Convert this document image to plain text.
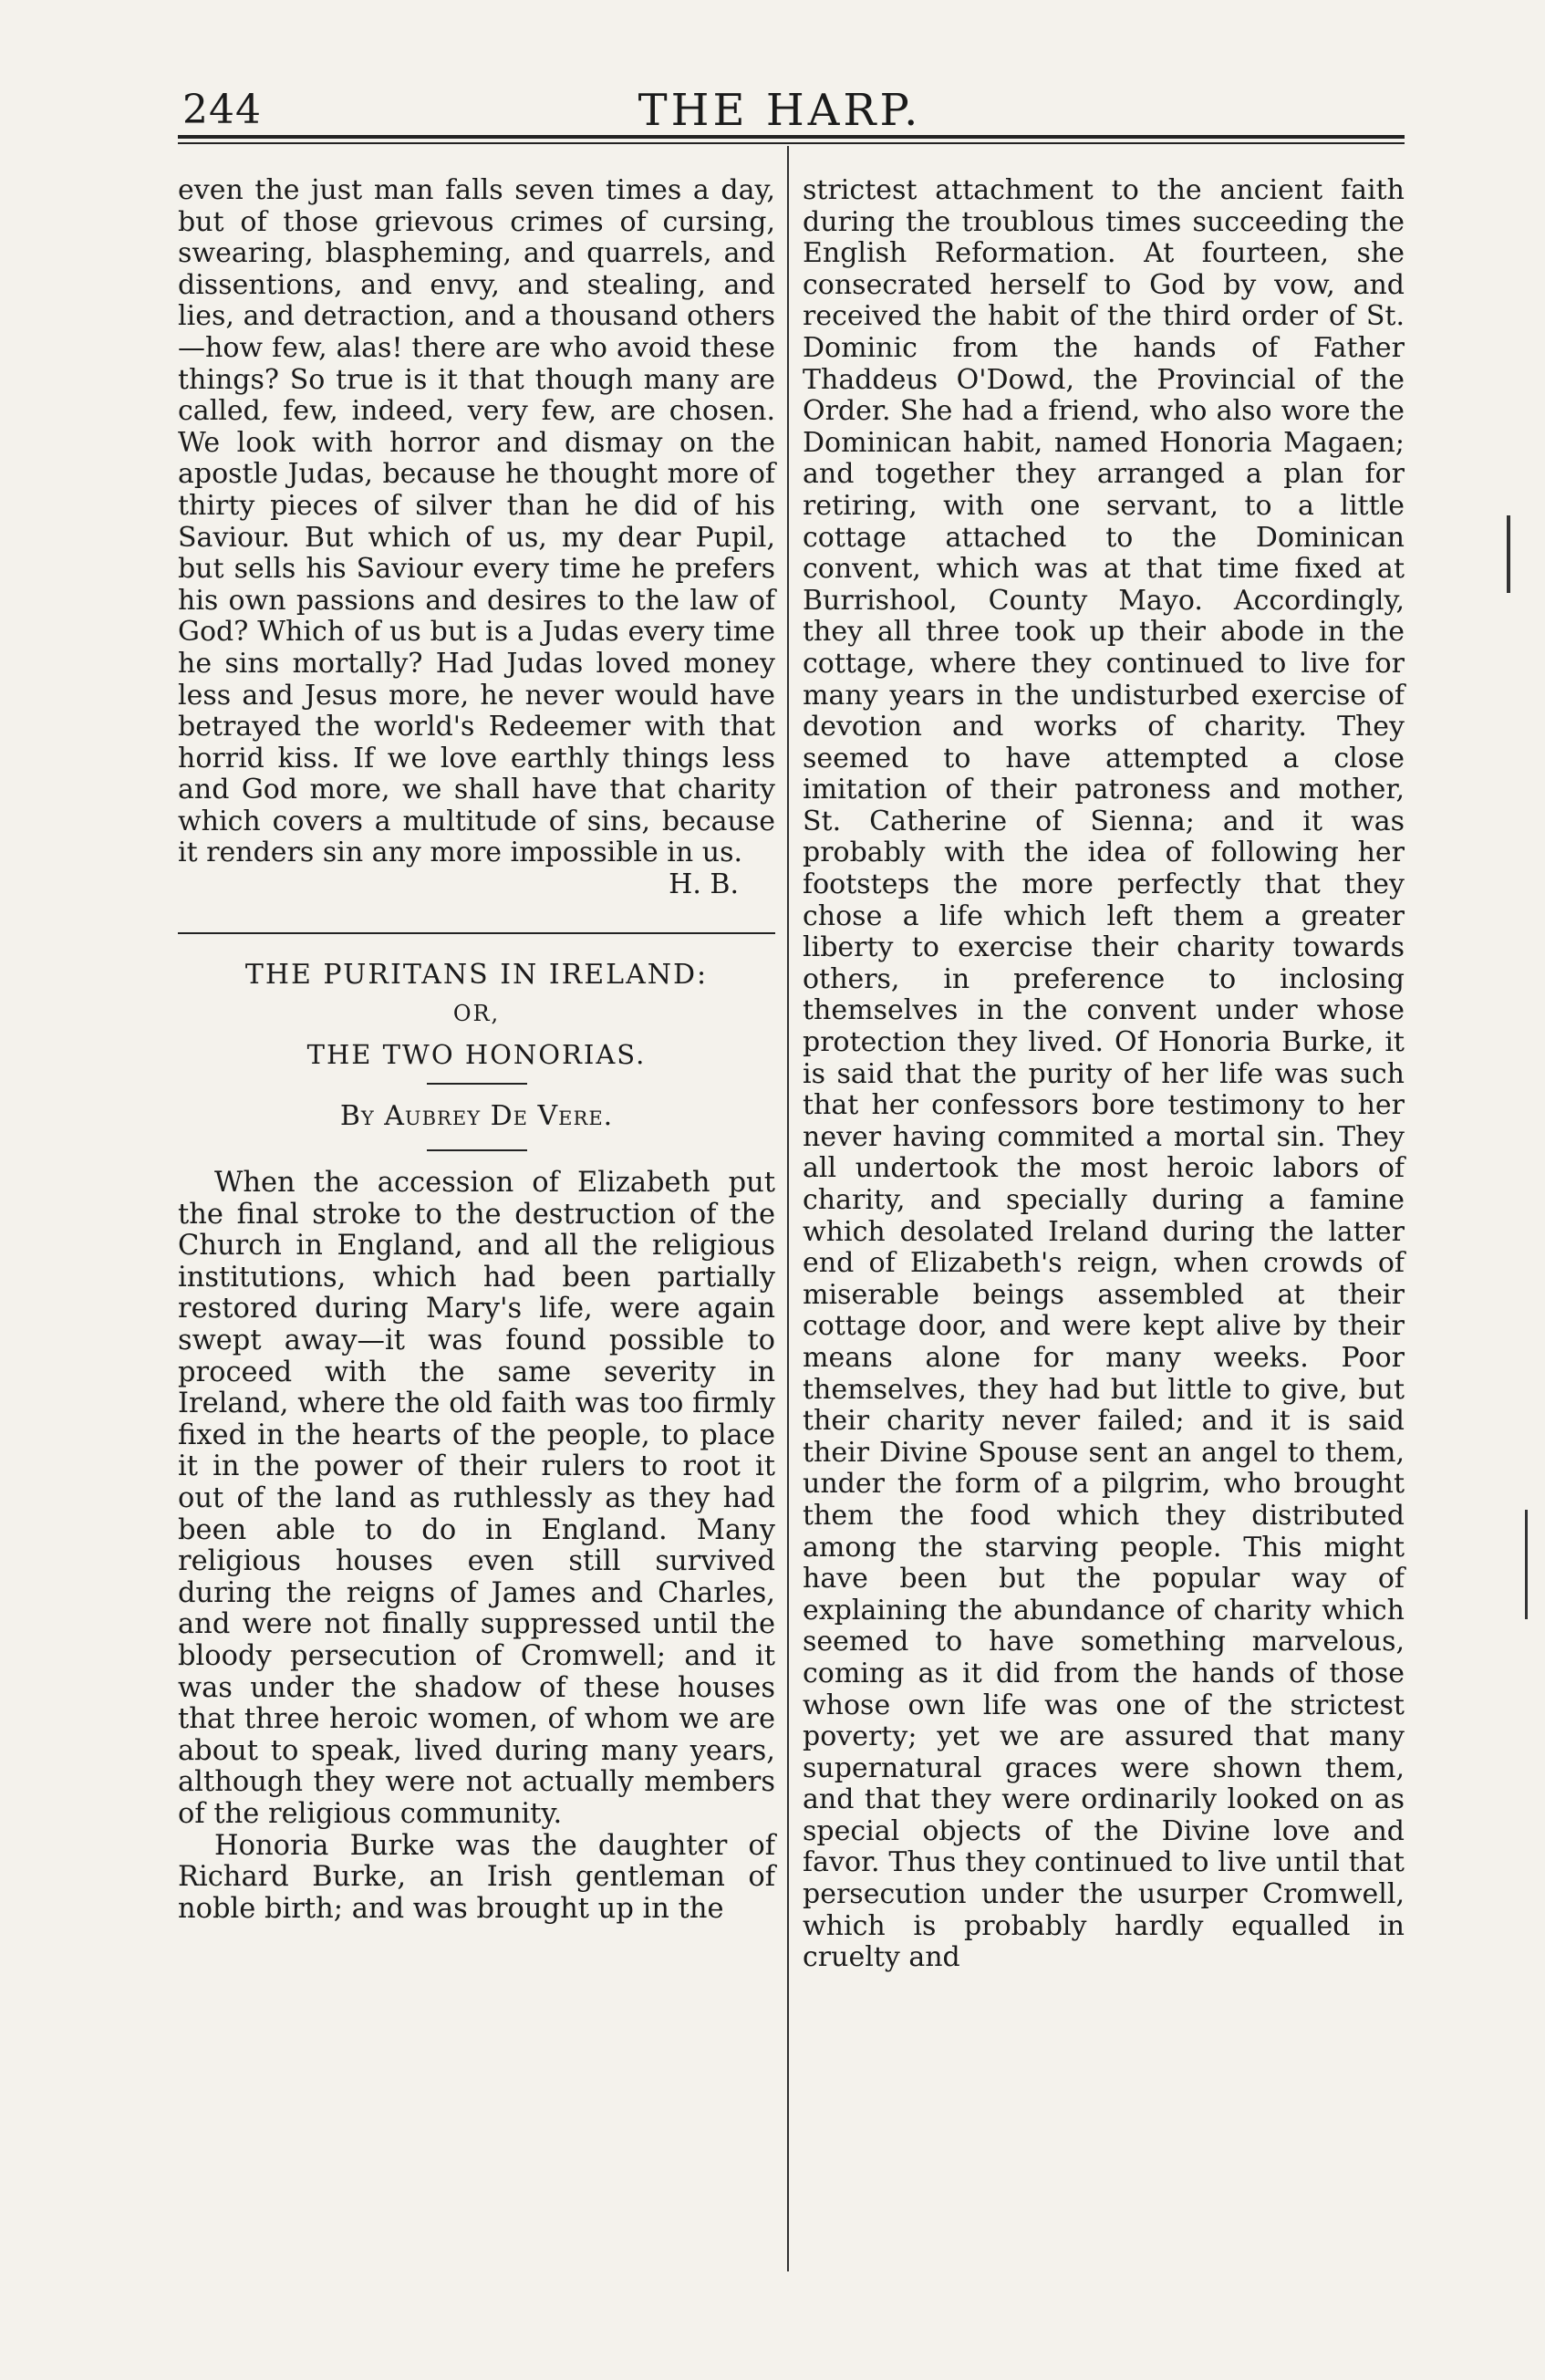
244	THE HARP.

even the just man falls seven times a day, but of those grievous crimes of cursing, swearing, blaspheming, and quarrels, and dissentions, and envy, and stealing, and lies, and detraction, and a thousand others—how few, alas! there are who avoid these things? So true is it that though many are called, few, indeed, very few, are chosen. We look with horror and dismay on the apostle Judas, because he thought more of thirty pieces of silver than he did of his Saviour. But which of us, my dear Pupil, but sells his Saviour every time he prefers his own passions and desires to the law of God? Which of us but is a Judas every time he sins mortally? Had Judas loved money less and Jesus more, he never would have betrayed the world's Redeemer with that horrid kiss. If we love earthly things less and God more, we shall have that charity which covers a multitude of sins, because it renders sin any more impossible in us.

H. B.

THE PURITANS IN IRELAND:
OR,
THE TWO HONORIAS.
By Aubrey De Vere.

When the accession of Elizabeth put the final stroke to the destruction of the Church in England, and all the religious institutions, which had been partially restored during Mary's life, were again swept away—it was found possible to proceed with the same severity in Ireland, where the old faith was too firmly fixed in the hearts of the people, to place it in the power of their rulers to root it out of the land as ruthlessly as they had been able to do in England. Many religious houses even still survived during the reigns of James and Charles, and were not finally suppressed until the bloody persecution of Cromwell; and it was under the shadow of these houses that three heroic women, of whom we are about to speak, lived during many years, although they were not actually members of the religious community.

Honoria Burke was the daughter of Richard Burke, an Irish gentleman of noble birth; and was brought up in the

strictest attachment to the ancient faith during the troublous times succeeding the English Reformation. At fourteen, she consecrated herself to God by vow, and received the habit of the third order of St. Dominic from the hands of Father Thaddeus O'Dowd, the Provincial of the Order. She had a friend, who also wore the Dominican habit, named Honoria Magaen; and together they arranged a plan for retiring, with one servant, to a little cottage attached to the Dominican convent, which was at that time fixed at Burrishool, County Mayo. Accordingly, they all three took up their abode in the cottage, where they continued to live for many years in the undisturbed exercise of devotion and works of charity. They seemed to have attempted a close imitation of their patroness and mother, St. Catherine of Sienna; and it was probably with the idea of following her footsteps the more perfectly that they chose a life which left them a greater liberty to exercise their charity towards others, in preference to inclosing themselves in the convent under whose protection they lived. Of Honoria Burke, it is said that the purity of her life was such that her confessors bore testimony to her never having commited a mortal sin. They all undertook the most heroic labors of charity, and specially during a famine which desolated Ireland during the latter end of Elizabeth's reign, when crowds of miserable beings assembled at their cottage door, and were kept alive by their means alone for many weeks. Poor themselves, they had but little to give, but their charity never failed; and it is said their Divine Spouse sent an angel to them, under the form of a pilgrim, who brought them the food which they distributed among the starving people. This might have been but the popular way of explaining the abundance of charity which seemed to have something marvelous, coming as it did from the hands of those whose own life was one of the strictest poverty; yet we are assured that many supernatural graces were shown them, and that they were ordinarily looked on as special objects of the Divine love and favor. Thus they continued to live until that persecution under the usurper Cromwell, which is probably hardly equalled in cruelty and
